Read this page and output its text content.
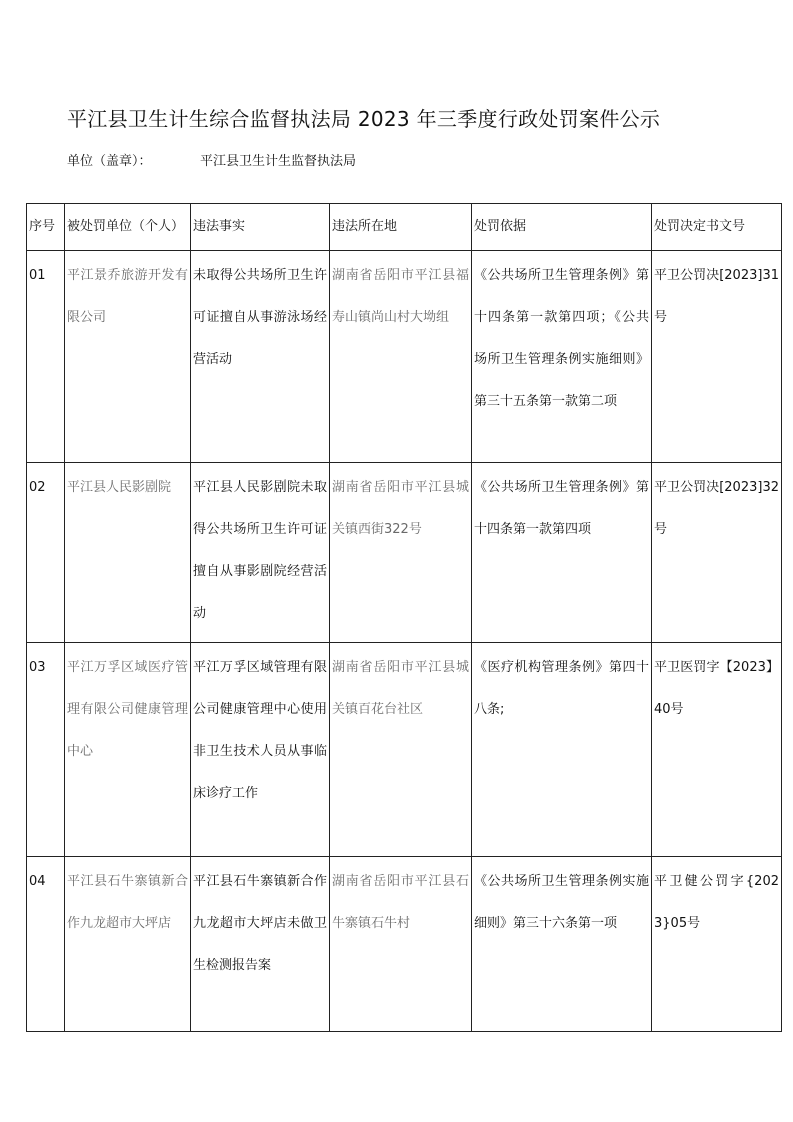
平江县卫生计生综合监督执法局 2023 年三季度行政处罚案件公示
单位（盖章）：	平江县卫生计生监督执法局
序号	被处罚单位（个人）	违法事实	违法所在地	处罚依据	处罚决定书文号

01	平江景乔旅游开发有限公司	未取得公共场所卫生许可证擅自从事游泳场经营活动	湖南省岳阳市平江县福寿山镇尚山村大坳组	《公共场所卫生管理条例》第十四条第一款第四项；《公共场所卫生管理条例实施细则》第三十五条第一款第二项	平卫公罚决[2023]31号

02	平江县人民影剧院	平江县人民影剧院未取得公共场所卫生许可证擅自从事影剧院经营活动	湖南省岳阳市平江县城关镇西街322号	《公共场所卫生管理条例》第十四条第一款第四项	平卫公罚决[2023]32号

03	平江万孚区域医疗管理有限公司健康管理中心	平江万孚区域管理有限公司健康管理中心使用非卫生技术人员从事临床诊疗工作	湖南省岳阳市平江县城关镇百花台社区	《医疗机构管理条例》第四十八条;	平卫医罚字【2023】40号

04	平江县石牛寨镇新合作九龙超市大坪店	平江县石牛寨镇新合作九龙超市大坪店未做卫生检测报告案	湖南省岳阳市平江县石牛寨镇石牛村	《公共场所卫生管理条例实施细则》第三十六条第一项	平卫健公罚字{2023}05号
